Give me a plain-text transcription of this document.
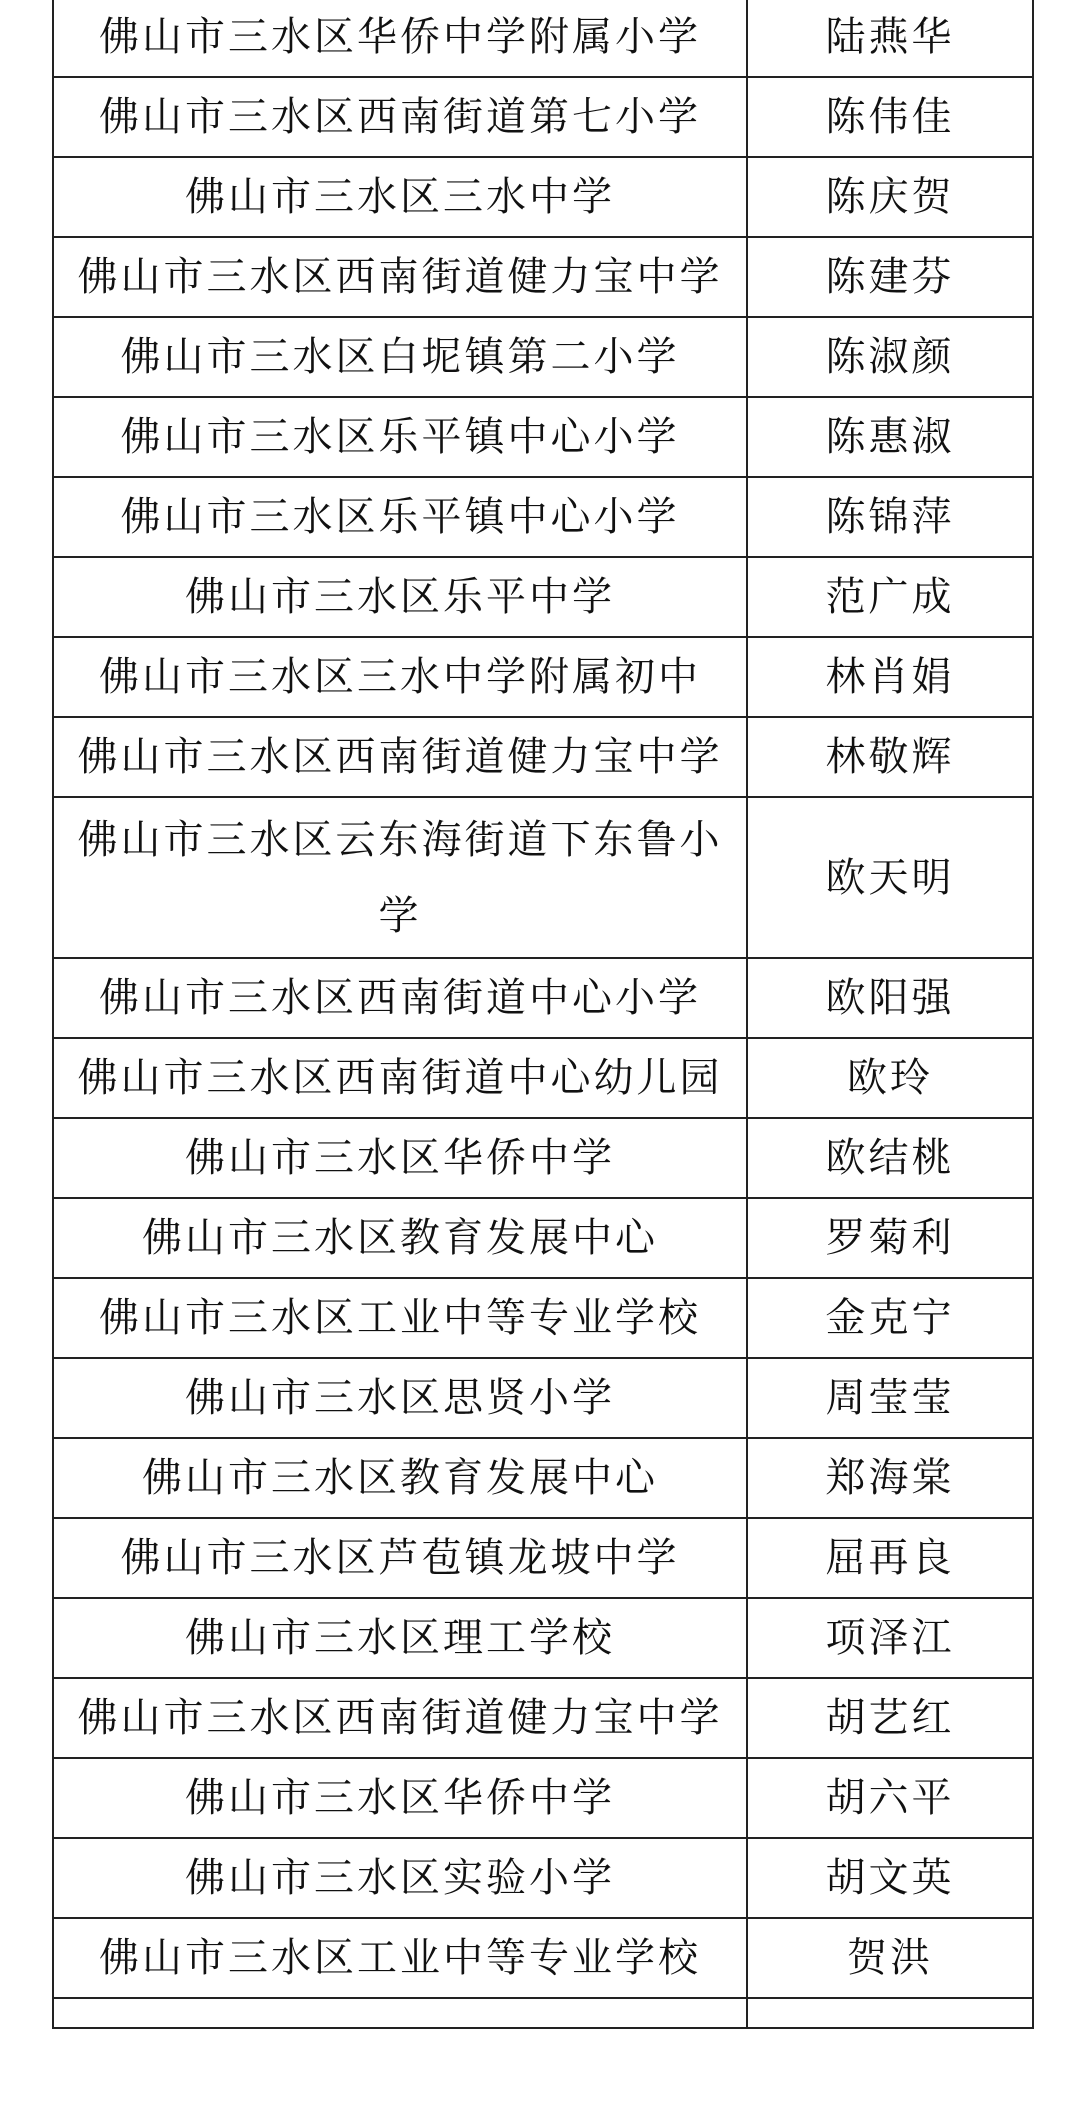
佛山市三水区华侨中学附属小学	陆燕华
佛山市三水区西南街道第七小学	陈伟佳
佛山市三水区三水中学	陈庆贺
佛山市三水区西南街道健力宝中学	陈建芬
佛山市三水区白坭镇第二小学	陈淑颜
佛山市三水区乐平镇中心小学	陈惠淑
佛山市三水区乐平镇中心小学	陈锦萍
佛山市三水区乐平中学	范广成
佛山市三水区三水中学附属初中	林肖娟
佛山市三水区西南街道健力宝中学	林敬辉
佛山市三水区云东海街道下东鲁小学	欧天明
佛山市三水区西南街道中心小学	欧阳强
佛山市三水区西南街道中心幼儿园	欧玲
佛山市三水区华侨中学	欧结桃
佛山市三水区教育发展中心	罗菊利
佛山市三水区工业中等专业学校	金克宁
佛山市三水区思贤小学	周莹莹
佛山市三水区教育发展中心	郑海棠
佛山市三水区芦苞镇龙坡中学	屈再良
佛山市三水区理工学校	项泽江
佛山市三水区西南街道健力宝中学	胡艺红
佛山市三水区华侨中学	胡六平
佛山市三水区实验小学	胡文英
佛山市三水区工业中等专业学校	贺洪
